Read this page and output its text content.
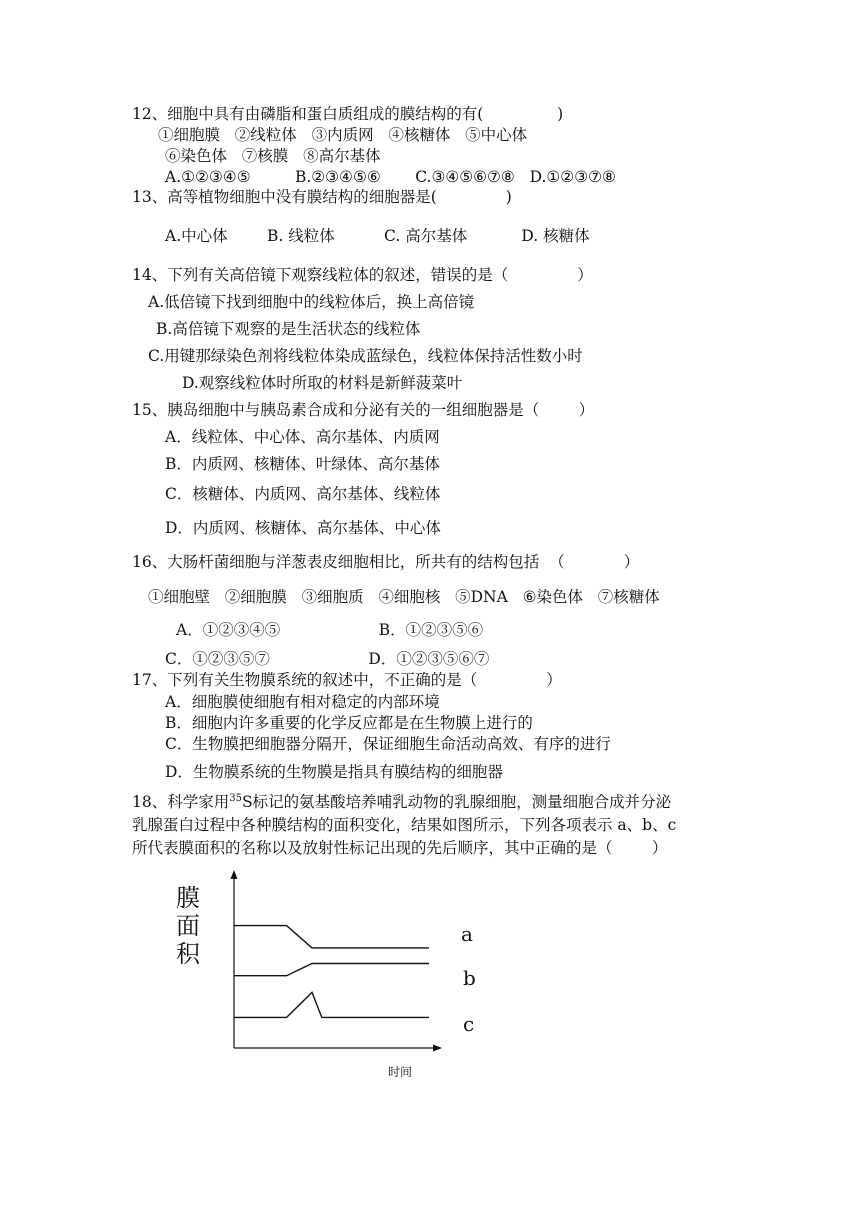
12、细胞中具有由磷脂和蛋白质组成的膜结构的有(               )
①细胞膜   ②线粒体   ③内质网   ④核糖体   ⑤中心体
⑥染色体   ⑦核膜   ⑧高尔基体
A.①②③④⑤         B.②③④⑤⑥       C.③④⑤⑥⑦⑧   D.①②③⑦⑧
13、高等植物细胞中没有膜结构的细胞器是(              )
A.中心体        B. 线粒体          C. 高尔基体           D. 核糖体
14、下列有关高倍镜下观察线粒体的叙述，错误的是（              ）
A.低倍镜下找到细胞中的线粒体后，换上高倍镜
B.高倍镜下观察的是生活状态的线粒体
C.用键那绿染色剂将线粒体染成蓝绿色，线粒体保持活性数小时
D.观察线粒体时所取的材料是新鲜菠菜叶
15、胰岛细胞中与胰岛素合成和分泌有关的一组细胞器是（        ）
A．线粒体、中心体、高尔基体、内质网
B．内质网、核糖体、叶绿体、高尔基体
C．核糖体、内质网、高尔基体、线粒体
D．内质网、核糖体、高尔基体、中心体
16、大肠杆菌细胞与洋葱表皮细胞相比，所共有的结构包括  （            ）
①细胞壁   ②细胞膜   ③细胞质   ④细胞核   ⑤DNA   ⑥染色体   ⑦核糖体
A．①②③④⑤                    B．①②③⑤⑥
C．①②③⑤⑦                    D．①②③⑤⑥⑦
17、下列有关生物膜系统的叙述中，不正确的是（              ）
A．细胞膜使细胞有相对稳定的内部环境
B．细胞内许多重要的化学反应都是在生物膜上进行的
C．生物膜把细胞器分隔开，保证细胞生命活动高效、有序的进行
D．生物膜系统的生物膜是指具有膜结构的细胞器
18、科学家用$^{35}$S标记的氨基酸培养哺乳动物的乳腺细胞，测量细胞合成并分泌
乳腺蛋白过程中各种膜结构的面积变化，结果如图所示，下列各项表示 a、b、c
所代表膜面积的名称以及放射性标记出现的先后顺序，其中正确的是（        ）
膜面积
时间
a
b
c
